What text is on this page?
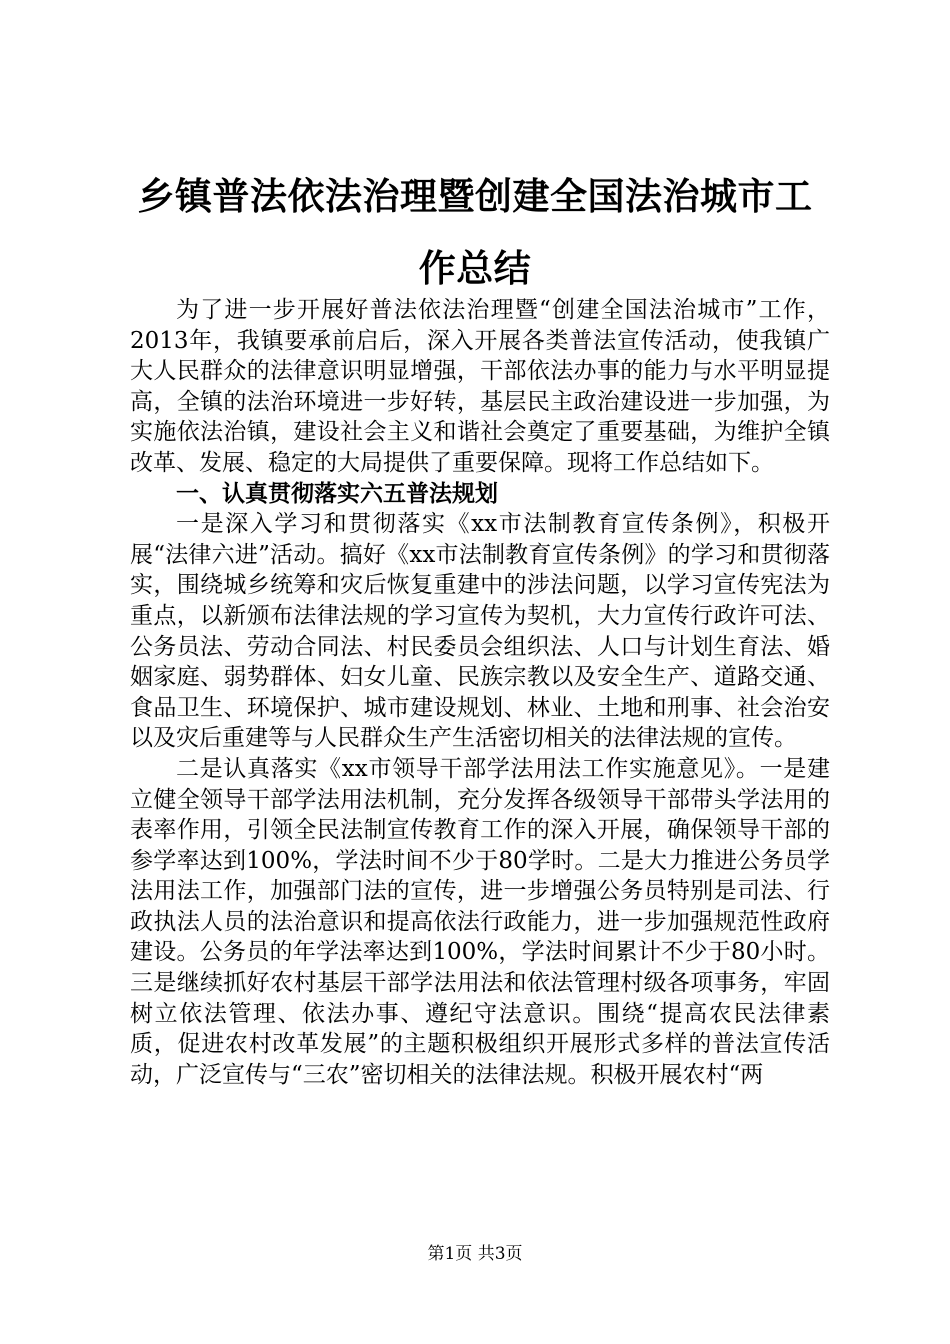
乡镇普法依法治理暨创建全国法治城市工作总结

为了进一步开展好普法依法治理暨“创建全国法治城市”工作，2013年，我镇要承前启后，深入开展各类普法宣传活动，使我镇广大人民群众的法律意识明显增强，干部依法办事的能力与水平明显提高，全镇的法治环境进一步好转，基层民主政治建设进一步加强，为实施依法治镇，建设社会主义和谐社会奠定了重要基础，为维护全镇改革、发展、稳定的大局提供了重要保障。现将工作总结如下。

一、认真贯彻落实六五普法规划

一是深入学习和贯彻落实《xx市法制教育宣传条例》，积极开展“法律六进”活动。搞好《xx市法制教育宣传条例》的学习和贯彻落实，围绕城乡统筹和灾后恢复重建中的涉法问题，以学习宣传宪法为重点，以新颁布法律法规的学习宣传为契机，大力宣传行政许可法、公务员法、劳动合同法、村民委员会组织法、人口与计划生育法、婚姻家庭、弱势群体、妇女儿童、民族宗教以及安全生产、道路交通、食品卫生、环境保护、城市建设规划、林业、土地和刑事、社会治安以及灾后重建等与人民群众生产生活密切相关的法律法规的宣传。

二是认真落实《xx市领导干部学法用法工作实施意见》。一是建立健全领导干部学法用法机制，充分发挥各级领导干部带头学法用的表率作用，引领全民法制宣传教育工作的深入开展，确保领导干部的参学率达到100%，学法时间不少于80学时。二是大力推进公务员学法用法工作，加强部门法的宣传，进一步增强公务员特别是司法、行政执法人员的法治意识和提高依法行政能力，进一步加强规范性政府建设。公务员的年学法率达到100%，学法时间累计不少于80小时。三是继续抓好农村基层干部学法用法和依法管理村级各项事务，牢固树立依法管理、依法办事、遵纪守法意识。围绕“提高农民法律素质，促进农村改革发展”的主题积极组织开展形式多样的普法宣传活动，广泛宣传与“三农”密切相关的法律法规。积极开展农村“两

第1页 共3页
